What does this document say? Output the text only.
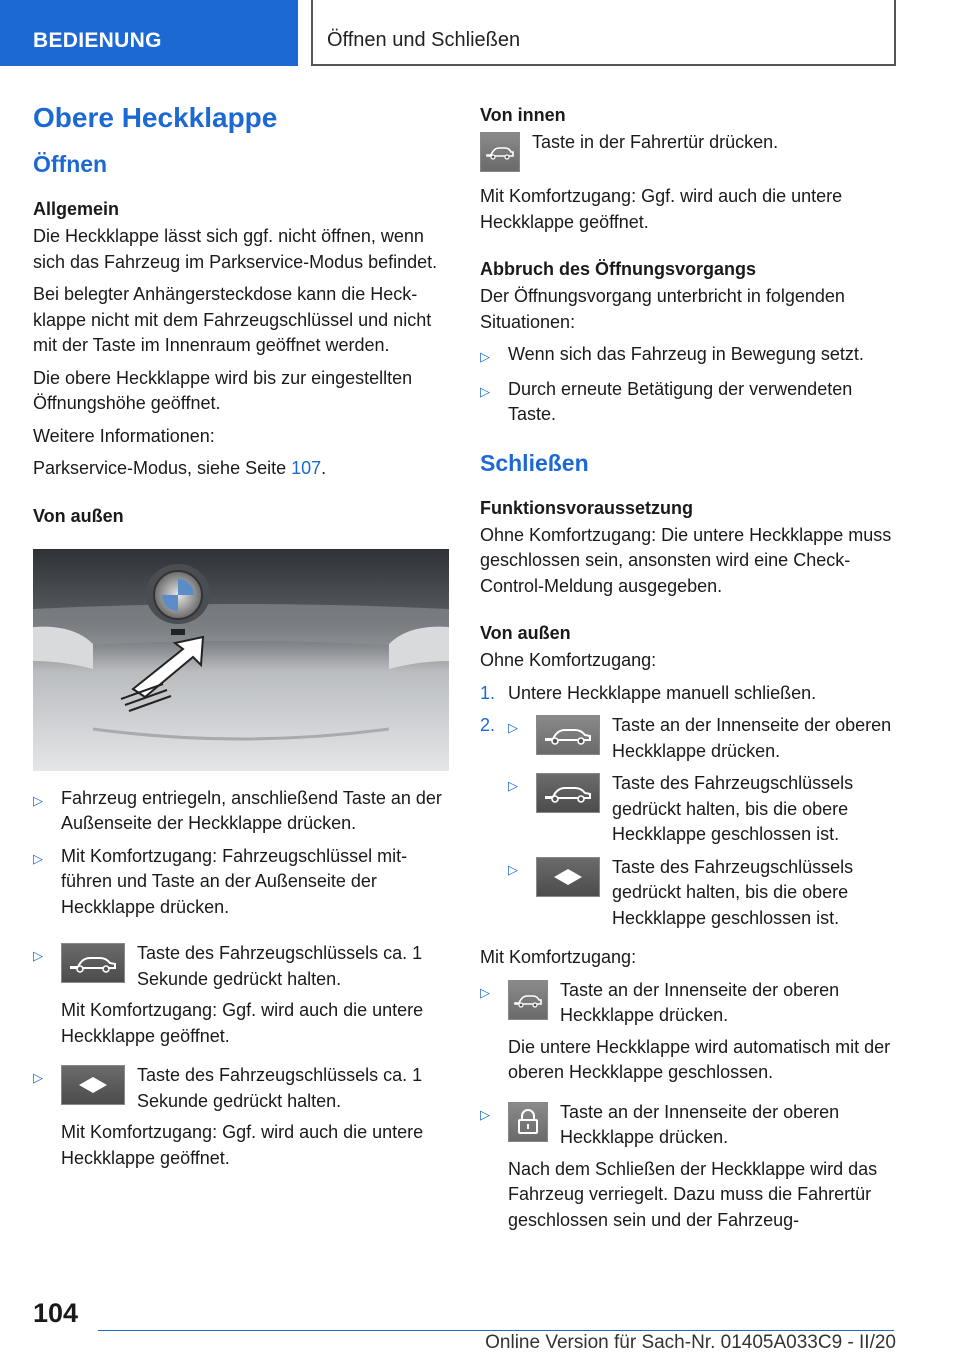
BEDIENUNG	Öffnen und Schließen
Obere Heckklappe
Öffnen
Allgemein

Die Heckklappe lässt sich ggf. nicht öffnen, wenn sich das Fahrzeug im Parkservice-Modus befindet.

Bei belegter Anhängersteckdose kann die Heckklappe nicht mit dem Fahrzeugschlüssel und nicht mit der Taste im Innenraum geöffnet werden.

Die obere Heckklappe wird bis zur eingestellten Öffnungshöhe geöffnet.

Weitere Informationen:

Parkservice-Modus, siehe Seite 107.

Von außen
▷	Fahrzeug entriegeln, anschließend Taste an der Außenseite der Heckklappe drücken.
▷	Mit Komfortzugang: Fahrzeugschlüssel mitführen und Taste an der Außenseite der Heckklappe drücken.
▷	Taste des Fahrzeugschlüssels ca. 1 Sekunde gedrückt halten.

Mit Komfortzugang: Ggf. wird auch die untere Heckklappe geöffnet.

▷	Taste des Fahrzeugschlüssels ca. 1 Sekunde gedrückt halten.

Mit Komfortzugang: Ggf. wird auch die untere Heckklappe geöffnet.

Von innen
Taste in der Fahrertür drücken.

Mit Komfortzugang: Ggf. wird auch die untere Heckklappe geöffnet.

Abbruch des Öffnungsvorgangs

Der Öffnungsvorgang unterbricht in folgenden Situationen:

▷	Wenn sich das Fahrzeug in Bewegung setzt.
▷	Durch erneute Betätigung der verwendeten Taste.
Schließen
Funktionsvoraussetzung

Ohne Komfortzugang: Die untere Heckklappe muss geschlossen sein, ansonsten wird eine Check-Control-Meldung ausgegeben.

Von außen

Ohne Komfortzugang:

1. Untere Heckklappe manuell schließen.
2. ▷	Taste an der Innenseite der oberen Heckklappe drücken.
▷	Taste des Fahrzeugschlüssels gedrückt halten, bis die obere Heckklappe geschlossen ist.
▷	Taste des Fahrzeugschlüssels gedrückt halten, bis die obere Heckklappe geschlossen ist.

Mit Komfortzugang:

▷	Taste an der Innenseite der oberen Heckklappe drücken.

Die untere Heckklappe wird automatisch mit der oberen Heckklappe geschlossen.

▷	Taste an der Innenseite der oberen Heckklappe drücken.

Nach dem Schließen der Heckklappe wird das Fahrzeug verriegelt. Dazu muss die Fahrertür geschlossen sein und der Fahrzeug-

104
Online Version für Sach-Nr. 01405A033C9 - II/20
